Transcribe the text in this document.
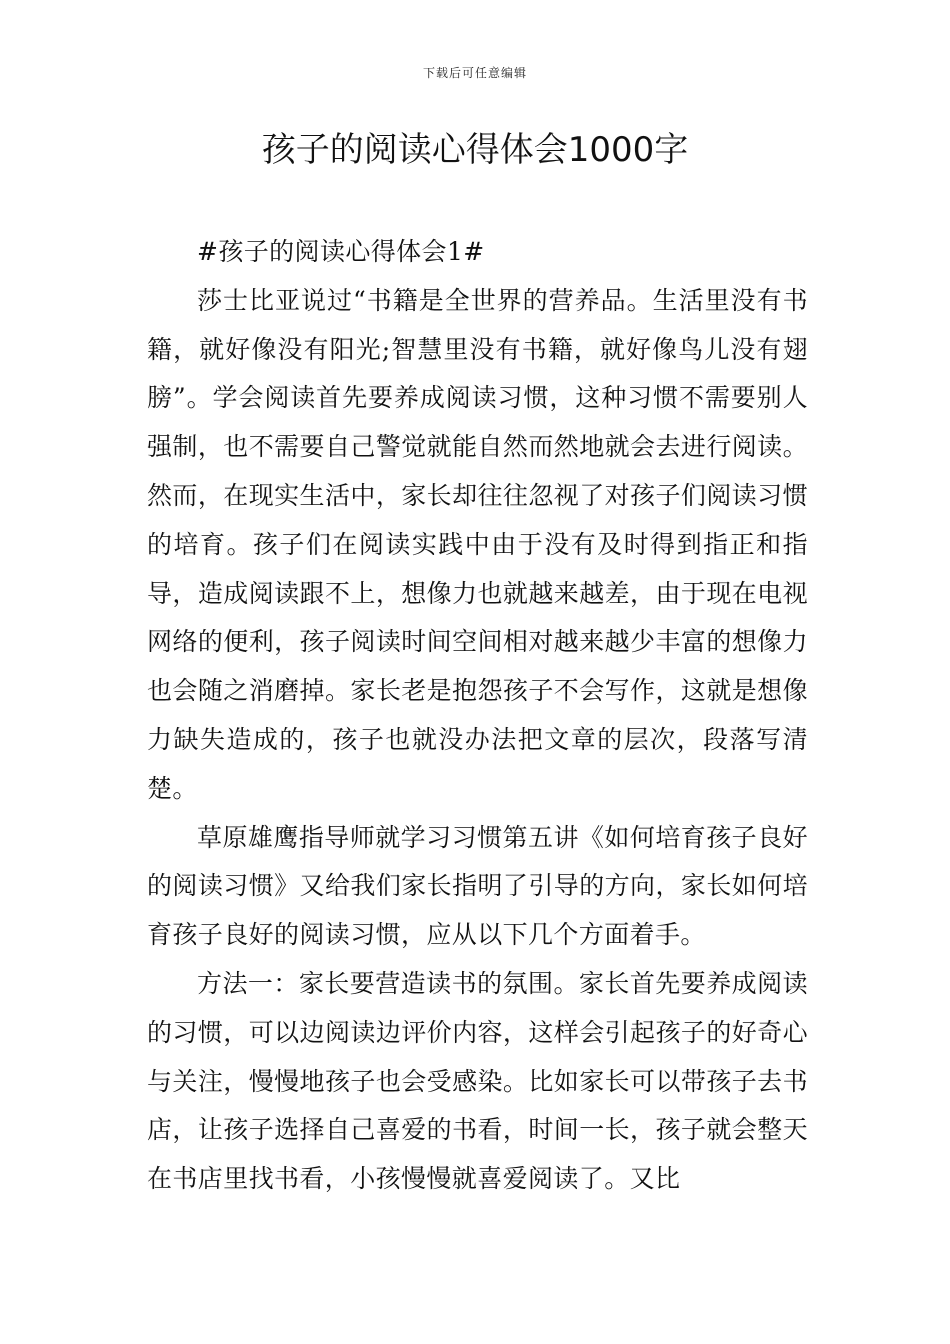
下载后可任意编辑
孩子的阅读心得体会1000字

#孩子的阅读心得体会1#

莎士比亚说过“书籍是全世界的营养品。生活里没有书籍，就好像没有阳光;智慧里没有书籍，就好像鸟儿没有翅膀”。学会阅读首先要养成阅读习惯，这种习惯不需要别人强制，也不需要自己警觉就能自然而然地就会去进行阅读。然而，在现实生活中，家长却往往忽视了对孩子们阅读习惯的培育。孩子们在阅读实践中由于没有及时得到指正和指导，造成阅读跟不上，想像力也就越来越差，由于现在电视网络的便利，孩子阅读时间空间相对越来越少丰富的想像力也会随之消磨掉。家长老是抱怨孩子不会写作，这就是想像力缺失造成的，孩子也就没办法把文章的层次，段落写清楚。

草原雄鹰指导师就学习习惯第五讲《如何培育孩子良好的阅读习惯》又给我们家长指明了引导的方向，家长如何培育孩子良好的阅读习惯，应从以下几个方面着手。

方法一：家长要营造读书的氛围。家长首先要养成阅读的习惯，可以边阅读边评价内容，这样会引起孩子的好奇心与关注，慢慢地孩子也会受感染。比如家长可以带孩子去书店，让孩子选择自己喜爱的书看，时间一长，孩子就会整天在书店里找书看，小孩慢慢就喜爱阅读了。又比
